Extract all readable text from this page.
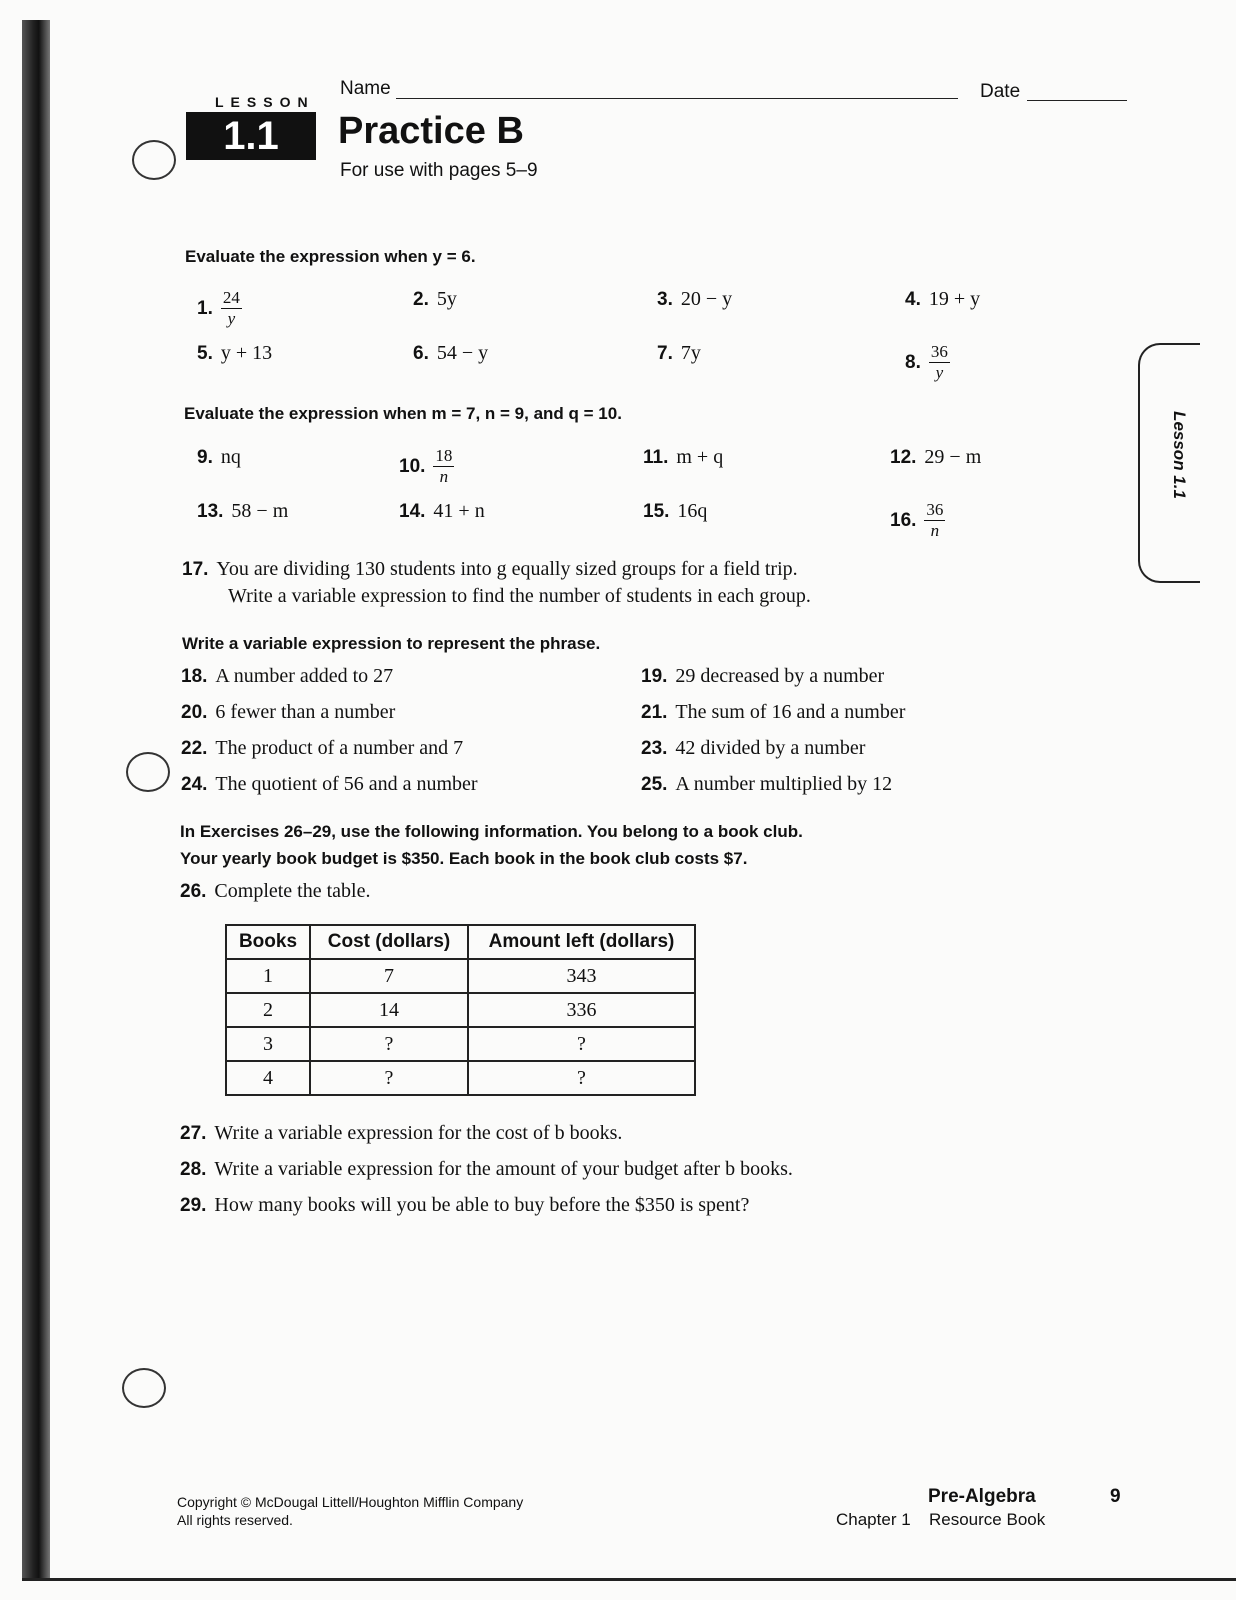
LESSON
1.1
Name	Date
Practice B
For use with pages 5–9
Lesson 1.1
Evaluate the expression when y = 6.
1. $\frac{24}{y}$	2. 5y	3. 20 − y	4. 19 + y
5. y + 13	6. 54 − y	7. 7y	8. $\frac{36}{y}$
Evaluate the expression when m = 7, n = 9, and q = 10.
9. nq	10. $\frac{18}{n}$	11. m + q	12. 29 − m
13. 58 − m	14. 41 + n	15. 16q	16. $\frac{36}{n}$
17. You are dividing 130 students into g equally sized groups for a field trip.
Write a variable expression to find the number of students in each group.
Write a variable expression to represent the phrase.
18. A number added to 27	19. 29 decreased by a number
20. 6 fewer than a number	21. The sum of 16 and a number
22. The product of a number and 7	23. 42 divided by a number
24. The quotient of 56 and a number	25. A number multiplied by 12
In Exercises 26–29, use the following information. You belong to a book club.
Your yearly book budget is $350. Each book in the book club costs $7.
26. Complete the table.
Books	Cost (dollars)	Amount left (dollars)
1	7	343
2	14	336
3	?	?
4	?	?
27. Write a variable expression for the cost of b books.
28. Write a variable expression for the amount of your budget after b books.
29. How many books will you be able to buy before the $350 is spent?
Copyright © McDougal Littell/Houghton Mifflin Company
All rights reserved.
Pre-Algebra
Chapter 1 Resource Book
9
